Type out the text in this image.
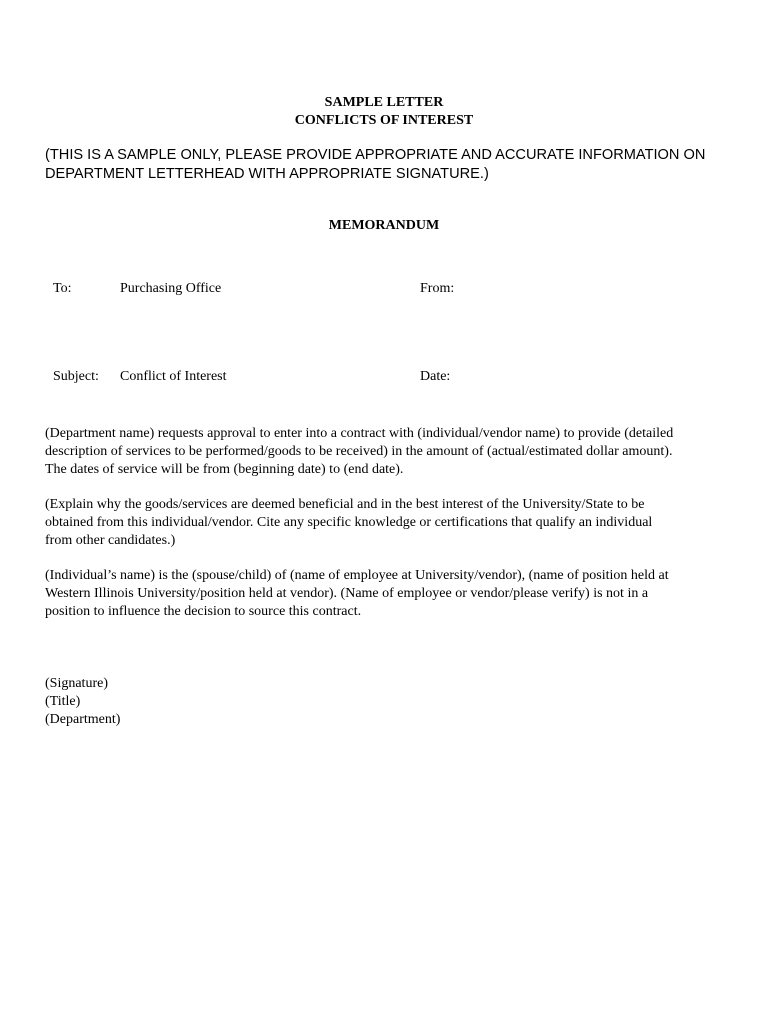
SAMPLE LETTER
CONFLICTS OF INTEREST
(THIS IS A SAMPLE ONLY, PLEASE PROVIDE APPROPRIATE AND ACCURATE INFORMATION ON
DEPARTMENT LETTERHEAD WITH APPROPRIATE SIGNATURE.)
MEMORANDUM
To:	Purchasing Office	From:
Subject: Conflict of Interest	Date:
(Department name) requests approval to enter into a contract with (individual/vendor name) to provide (detailed
description of services to be performed/goods to be received) in the amount of (actual/estimated dollar amount).
The dates of service will be from (beginning date) to (end date).
(Explain why the goods/services are deemed beneficial and in the best interest of the University/State to be
obtained from this individual/vendor. Cite any specific knowledge or certifications that qualify an individual
from other candidates.)
(Individual’s name) is the (spouse/child) of (name of employee at University/vendor), (name of position held at
Western Illinois University/position held at vendor). (Name of employee or vendor/please verify) is not in a
position to influence the decision to source this contract.
(Signature)
(Title)
(Department)
